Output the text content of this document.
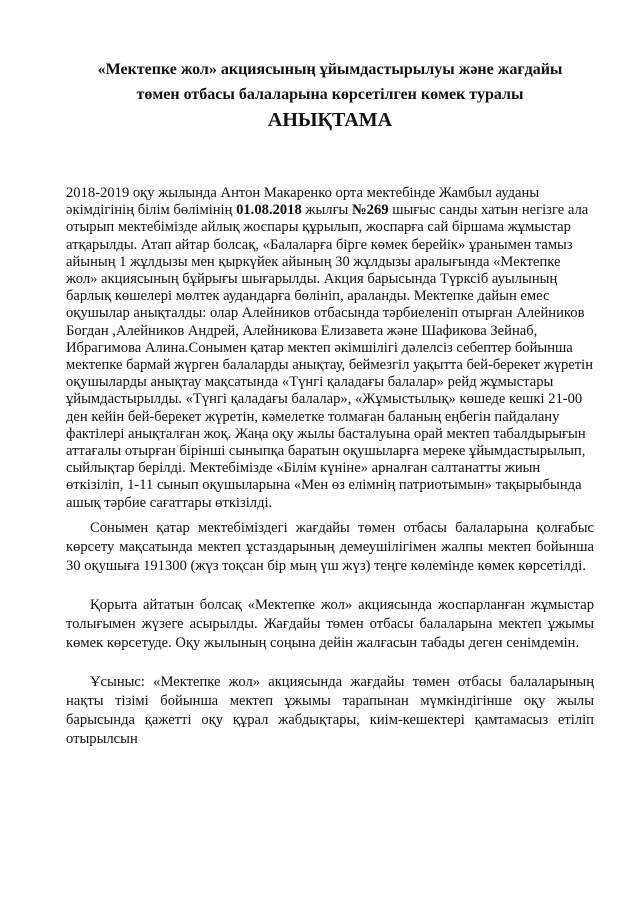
«Мектепке жол» акциясының ұйымдастырылуы және жағдайы
төмен отбасы балаларына көрсетілген көмек туралы
АНЫҚТАМА

2018-2019 оқу жылында Антон Макаренко орта мектебінде Жамбыл ауданы әкімдігінің білім бөлімінің 01.08.2018 жылғы №269 шығыс санды хатын негізге ала отырып мектебімізде айлық жоспары құрылып, жоспарға сай біршама жұмыстар атқарылды. Атап айтар болсақ, «Балаларға бірге көмек берейік» ұранымен тамыз айының 1 жұлдызы мен қыркүйек айының 30 жұлдызы аралығында «Мектепке жол» акциясының бұйрығы шығарылды. Акция барысында Түрксіб ауылының барлық көшелері мөлтек аудандарға бөлініп, араланды. Мектепке дайын емес оқушылар анықталды: олар Алейников отбасында тәрбиеленіп отырған Алейников Богдан ,Алейников Андрей, Алейникова Елизавета және Шафикова Зейнаб, Ибрагимова Алина.Сонымен қатар мектеп әкімшілігі дәлелсіз себептер бойынша мектепке бармай жүрген балаларды анықтау, беймезгіл уақытта бей-берекет жүретін оқушыларды анықтау мақсатында «Түнгі қаладағы балалар» рейд жұмыстары ұйымдастырылды. «Түнгі қаладағы балалар», «Жұмыстылық» көшеде кешкі 21-00 ден кейін бей-берекет жүретін, кәмелетке толмаған баланың еңбегін пайдалану фактілері анықталған жоқ. Жаңа оқу жылы басталуына орай мектеп табалдырығын аттағалы отырған бірінші сыныпқа баратын оқушыларға мереке ұйымдастырылып, сыйлықтар берілді. Мектебімізде «Білім күніне» арналған салтанатты жиын өткізіліп, 1-11 сынып оқушыларына «Мен өз елімнің патриотымын» тақырыбында ашық тәрбие сағаттары өткізілді.

Сонымен қатар мектебіміздегі жағдайы төмен отбасы балаларына қолғабыс көрсету мақсатында мектеп ұстаздарының демеушілігімен жалпы мектеп бойынша 30 оқушыға 191300 (жүз тоқсан бір мың үш жүз) теңге көлемінде көмек көрсетілді.

Қорыта айтатын болсақ «Мектепке жол» акциясында жоспарланған жұмыстар толығымен жүзеге асырылды. Жағдайы төмен отбасы балаларына мектеп ұжымы көмек көрсетуде. Оқу жылының соңына дейін жалғасын табады деген сенімдемін.

Ұсыныс: «Мектепке жол» акциясында жағдайы төмен отбасы балаларының нақты тізімі бойынша мектеп ұжымы тарапынан мүмкіндігінше оқу жылы барысында қажетті оқу құрал жабдықтары, киім-кешектері қамтамасыз етіліп отырылсын
